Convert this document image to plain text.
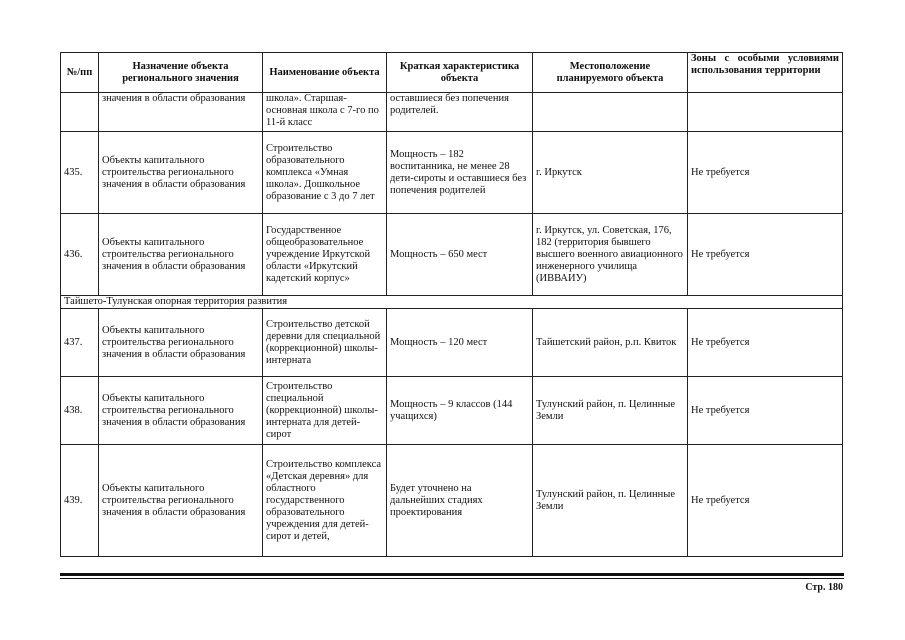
№/пп	Назначение объекта регионального значения	Наименование объекта	Краткая характеристика объекта	Местоположение планируемого объекта	Зоны с особыми условиями использования территории
	значения в области образования	школа». Старшая-основная школа с 7-го по 11-й класс	оставшиеся без попечения родителей.		
435.	Объекты капитального строительства регионального значения в области образования	Строительство образовательного комплекса «Умная школа». Дошкольное образование с 3 до 7 лет	Мощность – 182 воспитанника, не менее 28 дети-сироты и оставшиеся без попечения родителей	г. Иркутск	Не требуется
436.	Объекты капитального строительства регионального значения в области образования	Государственное общеобразовательное учреждение Иркутской области «Иркутский кадетский корпус»	Мощность – 650 мест	г. Иркутск, ул. Советская, 176, 182 (территория бывшего высшего военного авиационного инженерного училища (ИВВАИУ)	Не требуется
Тайшето-Тулунская опорная территория развития					
437.	Объекты капитального строительства регионального значения в области образования	Строительство детской деревни для специальной (коррекционной) школы-интерната	Мощность – 120 мест	Тайшетский район, р.п. Квиток	Не требуется
438.	Объекты капитального строительства регионального значения в области образования	Строительство специальной (коррекционной) школы-интерната для детей-сирот	Мощность – 9 классов (144 учащихся)	Тулунский район, п. Целинные Земли	Не требуется
439.	Объекты капитального строительства регионального значения в области образования	Строительство комплекса «Детская деревня» для областного государственного образовательного учреждения для детей-сирот и детей,	Будет уточнено на дальнейших стадиях проектирования	Тулунский район, п. Целинные Земли	Не требуется
Стр. 180
